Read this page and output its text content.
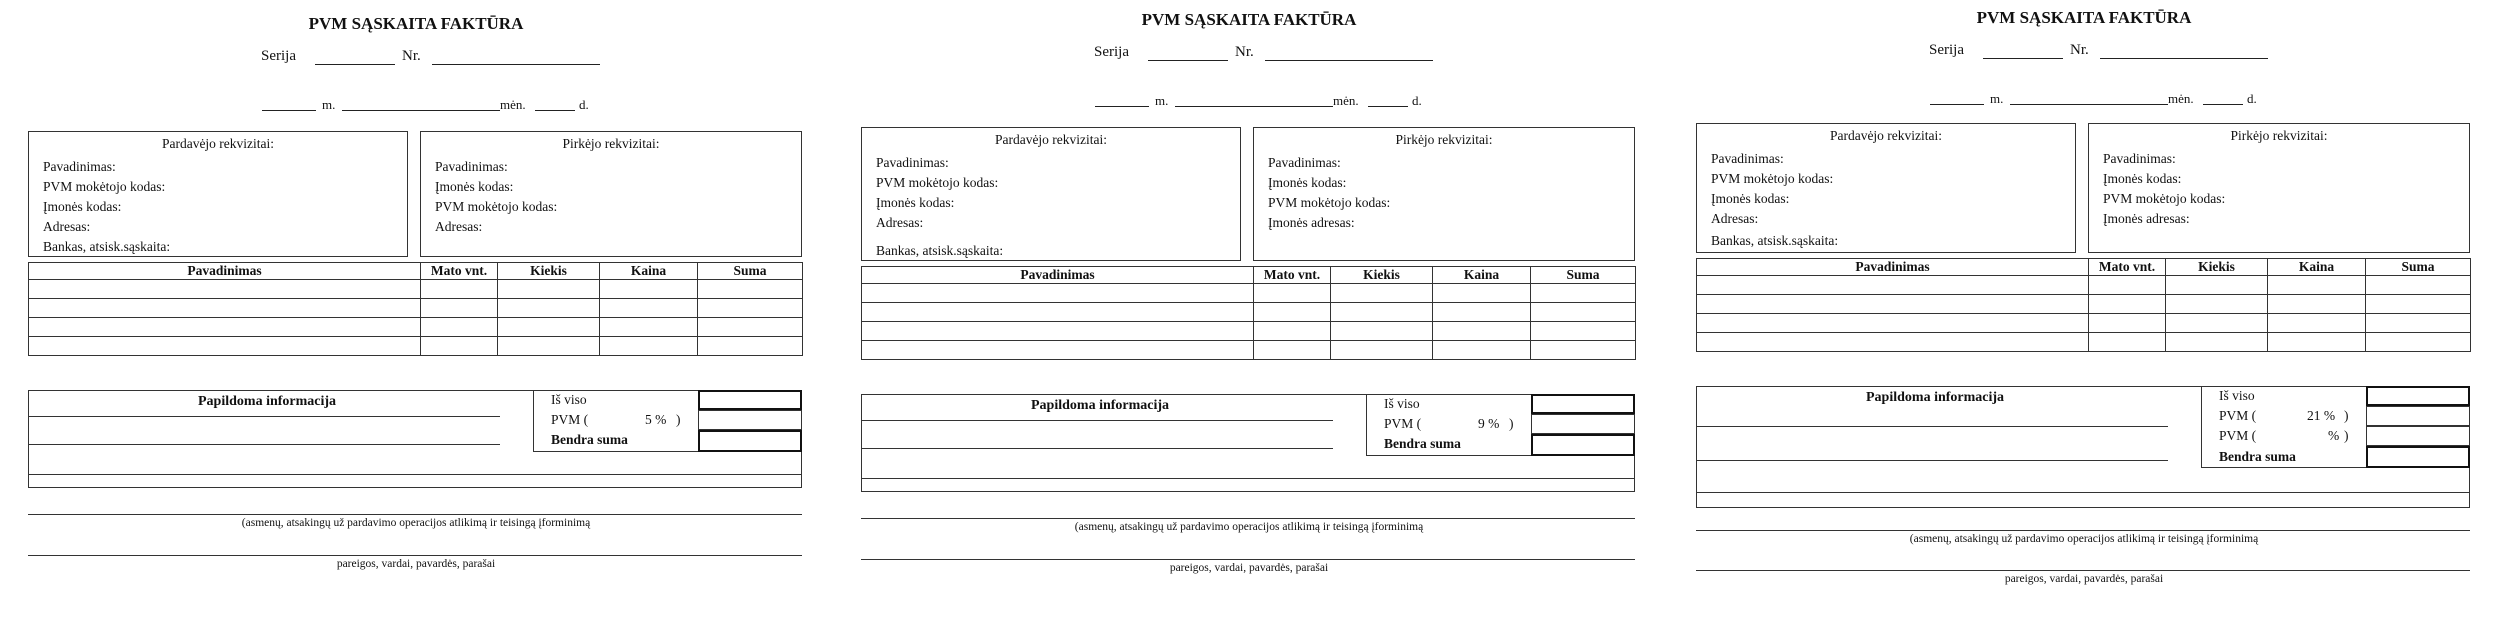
PVM SĄSKAITA FAKTŪRA
Serija	Nr.
m.	mėn.	d.
Pardavėjo rekvizitai:
Pavadinimas:
PVM mokėtojo kodas:
Įmonės kodas:
Adresas:
Bankas, atsisk.sąskaita:
Pirkėjo rekvizitai:
Pavadinimas:
Įmonės kodas:
PVM mokėtojo kodas:
Adresas:
Pavadinimas	Mato vnt.	Kiekis	Kaina	Suma

Papildoma informacija	Iš viso
PVM (	5 % )
Bendra suma
(asmenų, atsakingų už pardavimo operacijos atlikimą ir teisingą įforminimą
pareigos, vardai, pavardės, parašai
PVM SĄSKAITA FAKTŪRA
Serija	Nr.
m.	mėn.	d.
Pardavėjo rekvizitai:
Pavadinimas:
PVM mokėtojo kodas:
Įmonės kodas:
Adresas:
Bankas, atsisk.sąskaita:
Pirkėjo rekvizitai:
Pavadinimas:
Įmonės kodas:
PVM mokėtojo kodas:
Įmonės adresas:
Pavadinimas	Mato vnt.	Kiekis	Kaina	Suma

Papildoma informacija	Iš viso
PVM (	9 % )
Bendra suma
(asmenų, atsakingų už pardavimo operacijos atlikimą ir teisingą įforminimą
pareigos, vardai, pavardės, parašai
PVM SĄSKAITA FAKTŪRA
Serija	Nr.
m.	mėn.	d.
Pardavėjo rekvizitai:
Pavadinimas:
PVM mokėtojo kodas:
Įmonės kodas:
Adresas:
Bankas, atsisk.sąskaita:
Pirkėjo rekvizitai:
Pavadinimas:
Įmonės kodas:
PVM mokėtojo kodas:
Įmonės adresas:
Pavadinimas	Mato vnt.	Kiekis	Kaina	Suma

Papildoma informacija	Iš viso
PVM (	21 % )
PVM (	% )
Bendra suma
(asmenų, atsakingų už pardavimo operacijos atlikimą ir teisingą įforminimą
pareigos, vardai, pavardės, parašai
